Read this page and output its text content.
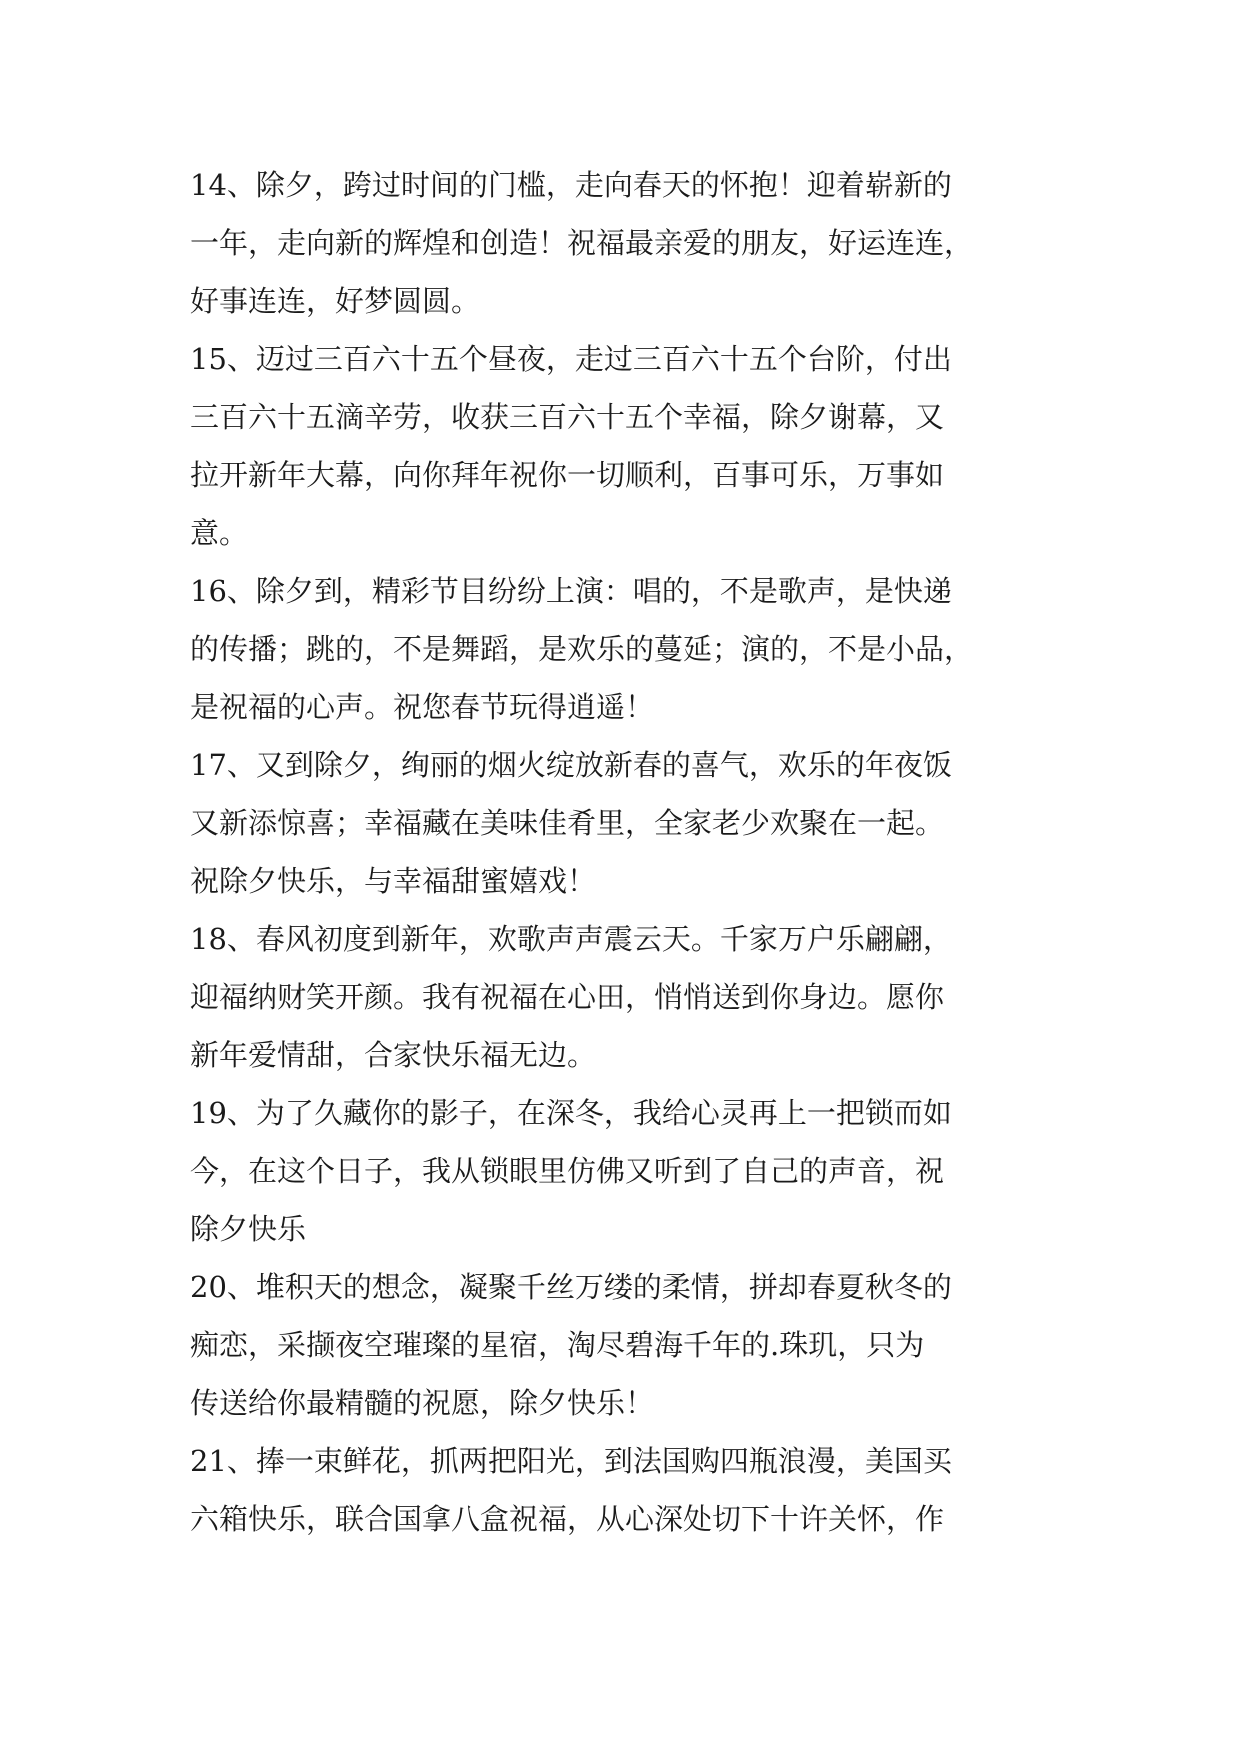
14、除夕，跨过时间的门槛，走向春天的怀抱！迎着崭新的
一年，走向新的辉煌和创造！祝福最亲爱的朋友，好运连连，
好事连连，好梦圆圆。
15、迈过三百六十五个昼夜，走过三百六十五个台阶，付出
三百六十五滴辛劳，收获三百六十五个幸福，除夕谢幕，又
拉开新年大幕，向你拜年祝你一切顺利，百事可乐，万事如
意。
16、除夕到，精彩节目纷纷上演：唱的，不是歌声，是快递
的传播；跳的，不是舞蹈，是欢乐的蔓延；演的，不是小品，
是祝福的心声。祝您春节玩得逍遥！
17、又到除夕，绚丽的烟火绽放新春的喜气，欢乐的年夜饭
又新添惊喜；幸福藏在美味佳肴里，全家老少欢聚在一起。
祝除夕快乐，与幸福甜蜜嬉戏！
18、春风初度到新年，欢歌声声震云天。千家万户乐翩翩，
迎福纳财笑开颜。我有祝福在心田，悄悄送到你身边。愿你
新年爱情甜，合家快乐福无边。
19、为了久藏你的影子，在深冬，我给心灵再上一把锁而如
今，在这个日子，我从锁眼里仿佛又听到了自己的声音，祝
除夕快乐
20、堆积天的想念，凝聚千丝万缕的柔情，拼却春夏秋冬的
痴恋，采撷夜空璀璨的星宿，淘尽碧海千年的.珠玑，只为
传送给你最精髓的祝愿，除夕快乐！
21、捧一束鲜花，抓两把阳光，到法国购四瓶浪漫，美国买
六箱快乐，联合国拿八盒祝福，从心深处切下十许关怀，作
